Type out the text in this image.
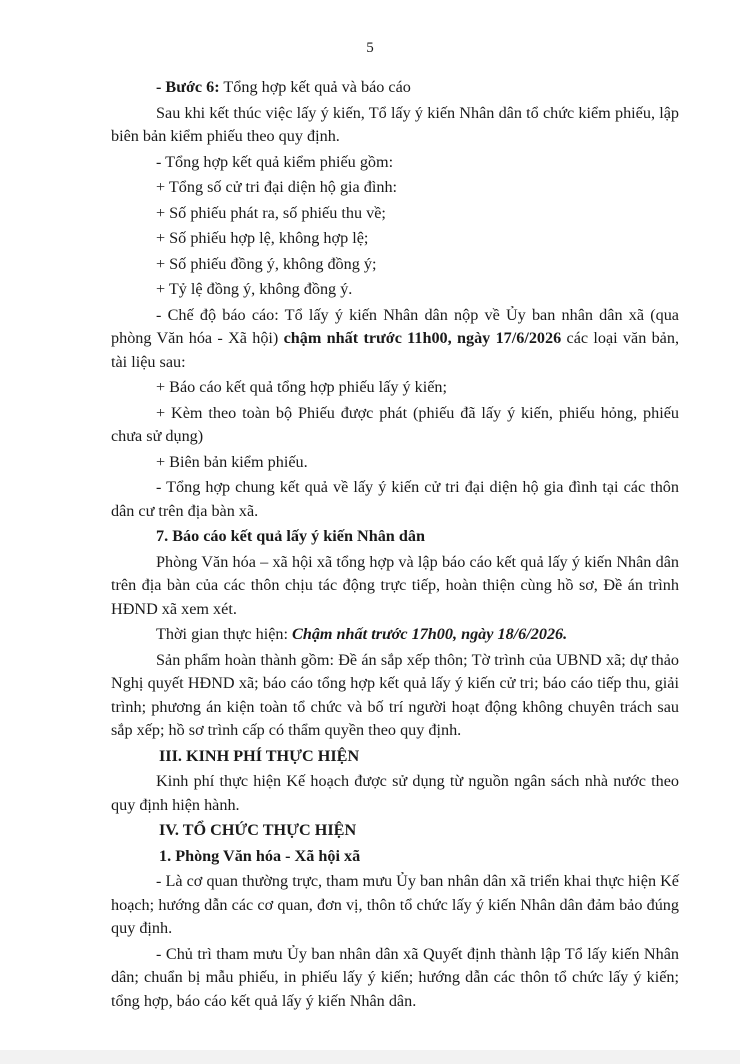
5

- Bước 6: Tổng hợp kết quả và báo cáo

Sau khi kết thúc việc lấy ý kiến, Tổ lấy ý kiến Nhân dân tổ chức kiểm phiếu, lập biên bản kiểm phiếu theo quy định.

- Tổng hợp kết quả kiểm phiếu gồm:

+ Tổng số cử tri đại diện hộ gia đình:

+ Số phiếu phát ra, số phiếu thu về;

+ Số phiếu hợp lệ, không hợp lệ;

+ Số phiếu đồng ý, không đồng ý;

+ Tỷ lệ đồng ý, không đồng ý.

- Chế độ báo cáo: Tổ lấy ý kiến Nhân dân nộp về Ủy ban nhân dân xã (qua phòng Văn hóa - Xã hội) chậm nhất trước 11h00, ngày 17/6/2026 các loại văn bản, tài liệu sau:

+ Báo cáo kết quả tổng hợp phiếu lấy ý kiến;

+ Kèm theo toàn bộ Phiếu được phát (phiếu đã lấy ý kiến, phiếu hỏng, phiếu chưa sử dụng)

+ Biên bản kiểm phiếu.

- Tổng hợp chung kết quả về lấy ý kiến cử tri đại diện hộ gia đình tại các thôn dân cư trên địa bàn xã.

7. Báo cáo kết quả lấy ý kiến Nhân dân

Phòng Văn hóa – xã hội xã tổng hợp và lập báo cáo kết quả lấy ý kiến Nhân dân trên địa bàn của các thôn chịu tác động trực tiếp, hoàn thiện cùng hồ sơ, Đề án trình HĐND xã xem xét.

Thời gian thực hiện: Chậm nhất trước 17h00, ngày 18/6/2026.

Sản phẩm hoàn thành gồm: Đề án sắp xếp thôn; Tờ trình của UBND xã; dự thảo Nghị quyết HĐND xã; báo cáo tổng hợp kết quả lấy ý kiến cử tri; báo cáo tiếp thu, giải trình; phương án kiện toàn tổ chức và bố trí người hoạt động không chuyên trách sau sắp xếp; hồ sơ trình cấp có thẩm quyền theo quy định.

III. KINH PHÍ THỰC HIỆN

Kinh phí thực hiện Kế hoạch được sử dụng từ nguồn ngân sách nhà nước theo quy định hiện hành.

IV. TỔ CHỨC THỰC HIỆN

1. Phòng Văn hóa - Xã hội xã

- Là cơ quan thường trực, tham mưu Ủy ban nhân dân xã triển khai thực hiện Kế hoạch; hướng dẫn các cơ quan, đơn vị, thôn tổ chức lấy ý kiến Nhân dân đảm bảo đúng quy định.

- Chủ trì tham mưu Ủy ban nhân dân xã Quyết định thành lập Tổ lấy kiến Nhân dân; chuẩn bị mẫu phiếu, in phiếu lấy ý kiến; hướng dẫn các thôn tổ chức lấy ý kiến; tổng hợp, báo cáo kết quả lấy ý kiến Nhân dân.
